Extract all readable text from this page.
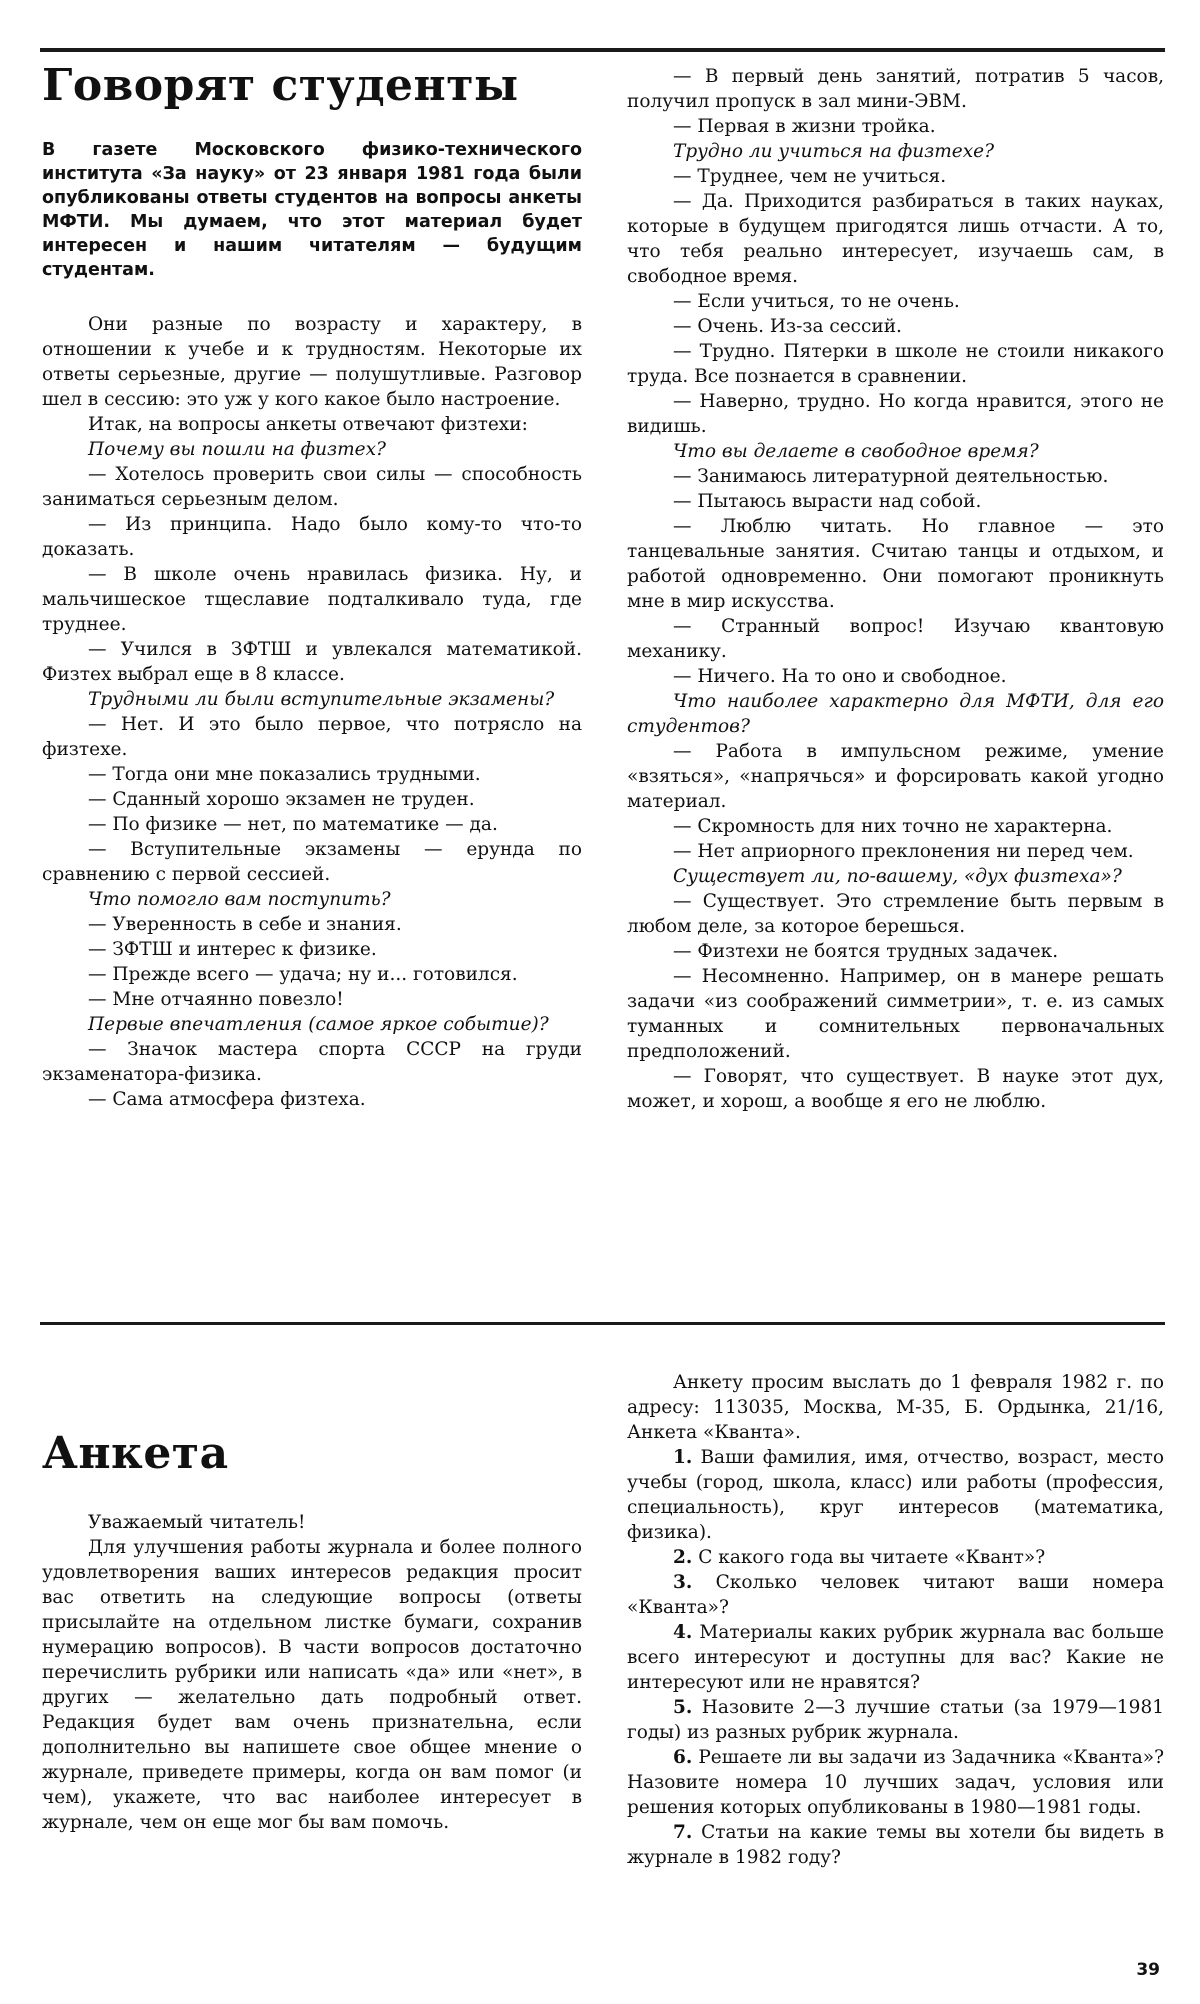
Говорят студенты

В газете Московского физико-технического института «За науку» от 23 января 1981 года были опубликованы ответы студентов на вопросы анкеты МФТИ. Мы думаем, что этот материал будет интересен и нашим читателям — будущим студентам.

Они разные по возрасту и характеру, в отношении к учебе и к трудностям. Некоторые их ответы серьезные, другие — полушутливые. Разговор шел в сессию: это уж у кого какое было настроение.

Итак, на вопросы анкеты отвечают физтехи:

Почему вы пошли на физтех?

— Хотелось проверить свои силы — способность заниматься серьезным делом.

— Из принципа. Надо было кому-то что-то доказать.

— В школе очень нравилась физика. Ну, и мальчишеское тщеславие подталкивало туда, где труднее.

— Учился в ЗФТШ и увлекался математикой. Физтех выбрал еще в 8 классе.

Трудными ли были вступительные экзамены?

— Нет. И это было первое, что потрясло на физтехе.

— Тогда они мне показались трудными.

— Сданный хорошо экзамен не труден.

— По физике — нет, по математике — да.

— Вступительные экзамены — ерунда по сравнению с первой сессией.

Что помогло вам поступить?

— Уверенность в себе и знания.

— ЗФТШ и интерес к физике.

— Прежде всего — удача; ну и... готовился.

— Мне отчаянно повезло!

Первые впечатления (самое яркое событие)?

— Значок мастера спорта СССР на груди экзаменатора-физика.

— Сама атмосфера физтеха.

— В первый день занятий, потратив 5 часов, получил пропуск в зал мини-ЭВМ.

— Первая в жизни тройка.

Трудно ли учиться на физтехе?

— Труднее, чем не учиться.

— Да. Приходится разбираться в таких науках, которые в будущем пригодятся лишь отчасти. А то, что тебя реально интересует, изучаешь сам, в свободное время.

— Если учиться, то не очень.

— Очень. Из-за сессий.

— Трудно. Пятерки в школе не стоили никакого труда. Все познается в сравнении.

— Наверно, трудно. Но когда нравится, этого не видишь.

Что вы делаете в свободное время?

— Занимаюсь литературной деятельностью.

— Пытаюсь вырасти над собой.

— Люблю читать. Но главное — это танцевальные занятия. Считаю танцы и отдыхом, и работой одновременно. Они помогают проникнуть мне в мир искусства.

— Странный вопрос! Изучаю квантовую механику.

— Ничего. На то оно и свободное.

Что наиболее характерно для МФТИ, для его студентов?

— Работа в импульсном режиме, умение «взяться», «напрячься» и форсировать какой угодно материал.

— Скромность для них точно не характерна.

— Нет априорного преклонения ни перед чем.

Существует ли, по-вашему, «дух физтеха»?

— Существует. Это стремление быть первым в любом деле, за которое берешься.

— Физтехи не боятся трудных задачек.

— Несомненно. Например, он в манере решать задачи «из соображений симметрии», т. е. из самых туманных и сомнительных первоначальных предположений.

— Говорят, что существует. В науке этот дух, может, и хорош, а вообще я его не люблю.

Анкета

Уважаемый читатель!

Для улучшения работы журнала и более полного удовлетворения ваших интересов редакция просит вас ответить на следующие вопросы (ответы присылайте на отдельном листке бумаги, сохранив нумерацию вопросов). В части вопросов достаточно перечислить рубрики или написать «да» или «нет», в других — желательно дать подробный ответ. Редакция будет вам очень признательна, если дополнительно вы напишете свое общее мнение о журнале, приведете примеры, когда он вам помог (и чем), укажете, что вас наиболее интересует в журнале, чем он еще мог бы вам помочь.

Анкету просим выслать до 1 февраля 1982 г. по адресу: 113035, Москва, М-35, Б. Ордынка, 21/16, Анкета «Кванта».

1. Ваши фамилия, имя, отчество, возраст, место учебы (город, школа, класс) или работы (профессия, специальность), круг интересов (математика, физика).

2. С какого года вы читаете «Квант»?

3. Сколько человек читают ваши номера «Кванта»?

4. Материалы каких рубрик журнала вас больше всего интересуют и доступны для вас? Какие не интересуют или не нравятся?

5. Назовите 2—3 лучшие статьи (за 1979—1981 годы) из разных рубрик журнала.

6. Решаете ли вы задачи из Задачника «Кванта»? Назовите номера 10 лучших задач, условия или решения которых опубликованы в 1980—1981 годы.

7. Статьи на какие темы вы хотели бы видеть в журнале в 1982 году?

39
